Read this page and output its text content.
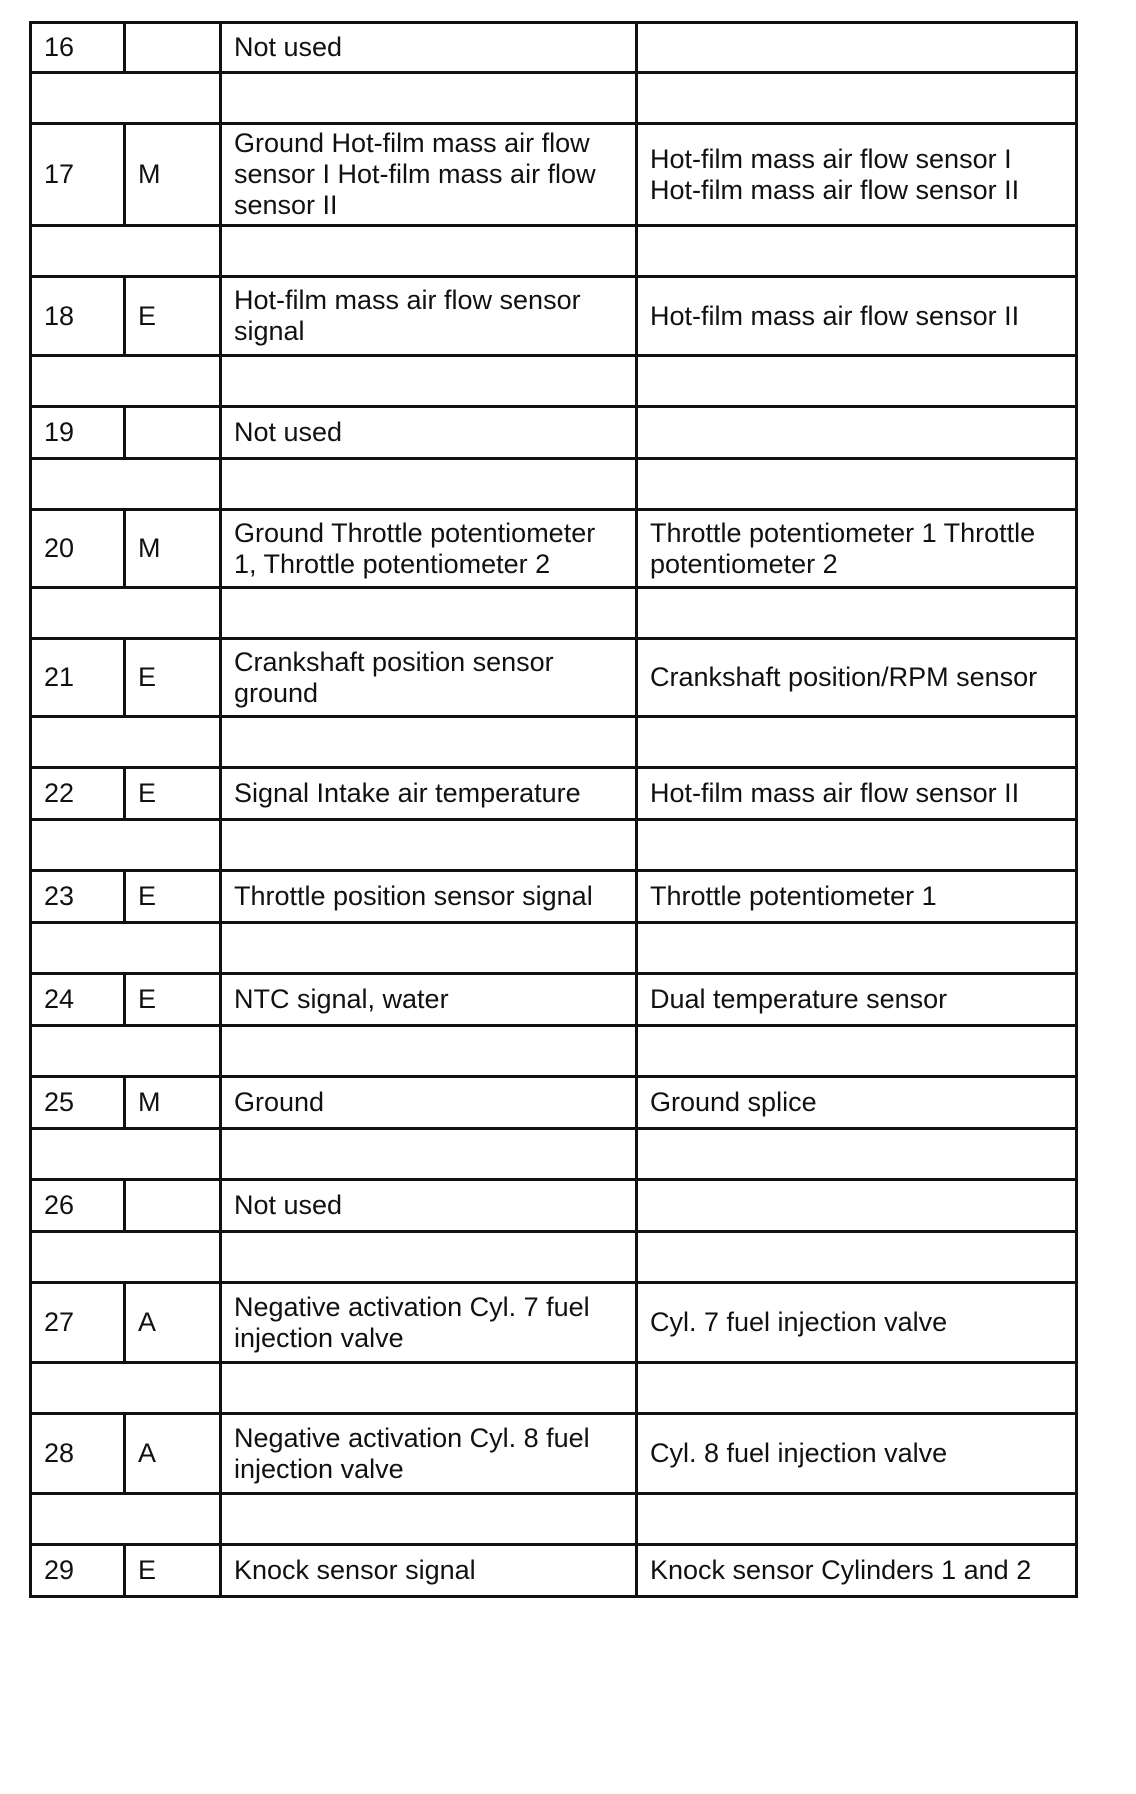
16		Not used	

17	M	Ground Hot-film mass air flow sensor I Hot-film mass air flow sensor II	Hot-film mass air flow sensor I Hot-film mass air flow sensor II

18	E	Hot-film mass air flow sensor signal	Hot-film mass air flow sensor II

19		Not used	

20	M	Ground Throttle potentiometer 1, Throttle potentiometer 2	Throttle potentiometer 1 Throttle potentiometer 2

21	E	Crankshaft position sensor ground	Crankshaft position/RPM sensor

22	E	Signal Intake air temperature	Hot-film mass air flow sensor II

23	E	Throttle position sensor signal	Throttle potentiometer 1

24	E	NTC signal, water	Dual temperature sensor

25	M	Ground	Ground splice

26		Not used	

27	A	Negative activation Cyl. 7 fuel injection valve	Cyl. 7 fuel injection valve

28	A	Negative activation Cyl. 8 fuel injection valve	Cyl. 8 fuel injection valve

29	E	Knock sensor signal	Knock sensor Cylinders 1 and 2
